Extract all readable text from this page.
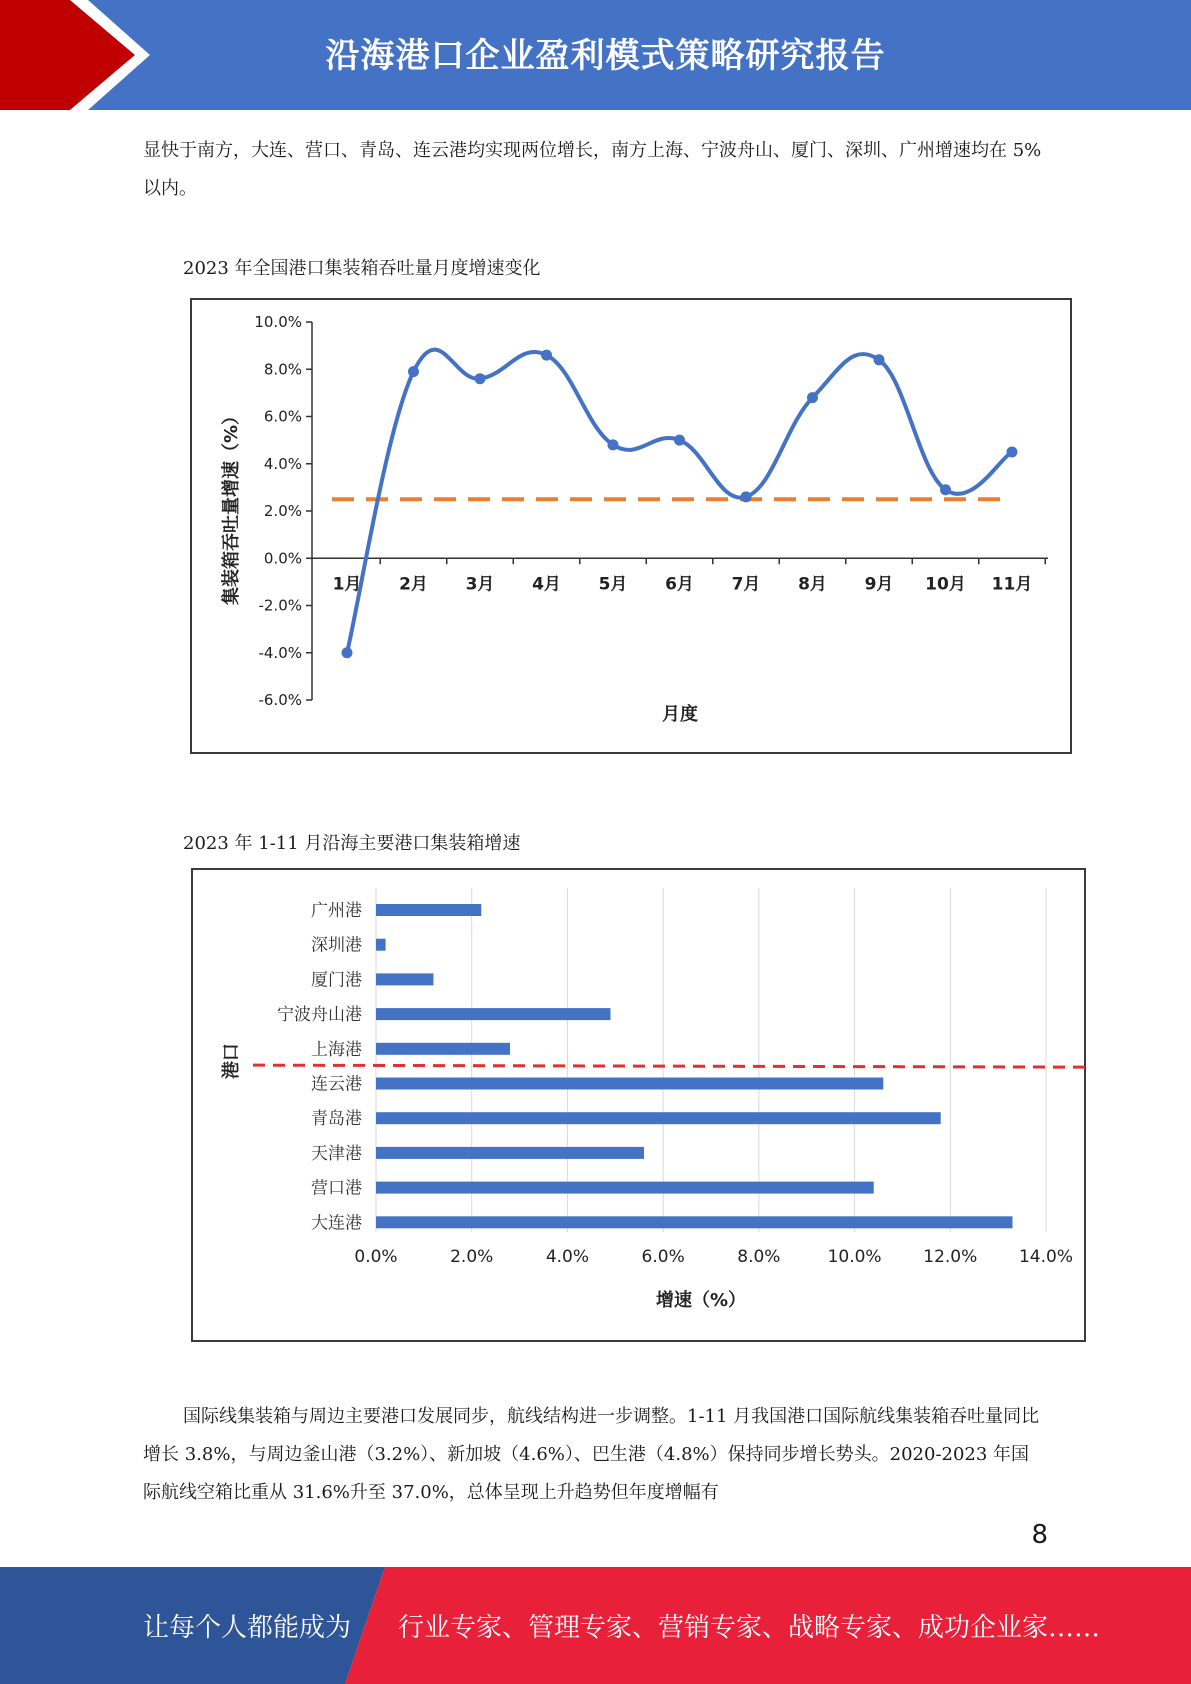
沿海港口企业盈利模式策略研究报告

显快于南方，大连、营口、青岛、连云港均实现两位增长，南方上海、宁波舟山、厦门、深圳、广州增速均在 5%以内。

2023 年全国港口集装箱吞吐量月度增速变化
10.0%
8.0%
6.0%
4.0%
2.0%
0.0%
-2.0%
-4.0%
-6.0%
1月 2月 3月 4月 5月 6月 7月 8月 9月 10月 11月
集装箱吞吐量增速（%）
月度
2023 年 1-11 月沿海主要港口集装箱增速
0.0%	2.0%	4.0%	6.0%	8.0%	10.0% 12.0% 14.0%
广州港
深圳港
厦门港
宁波舟山港
上海港
连云港
青岛港
天津港
营口港
大连港
港口
增速（%）

国际线集装箱与周边主要港口发展同步，航线结构进一步调整。1-11 月我国港口国际航线集装箱吞吐量同比增长 3.8%，与周边釜山港（3.2%）、新加坡（4.6%）、巴生港（4.8%）保持同步增长势头。2020-2023 年国际航线空箱比重从 31.6%升至 37.0%，总体呈现上升趋势但年度增幅有

8
让每个人都能成为 行业专家、管理专家、营销专家、战略专家、成功企业家……
